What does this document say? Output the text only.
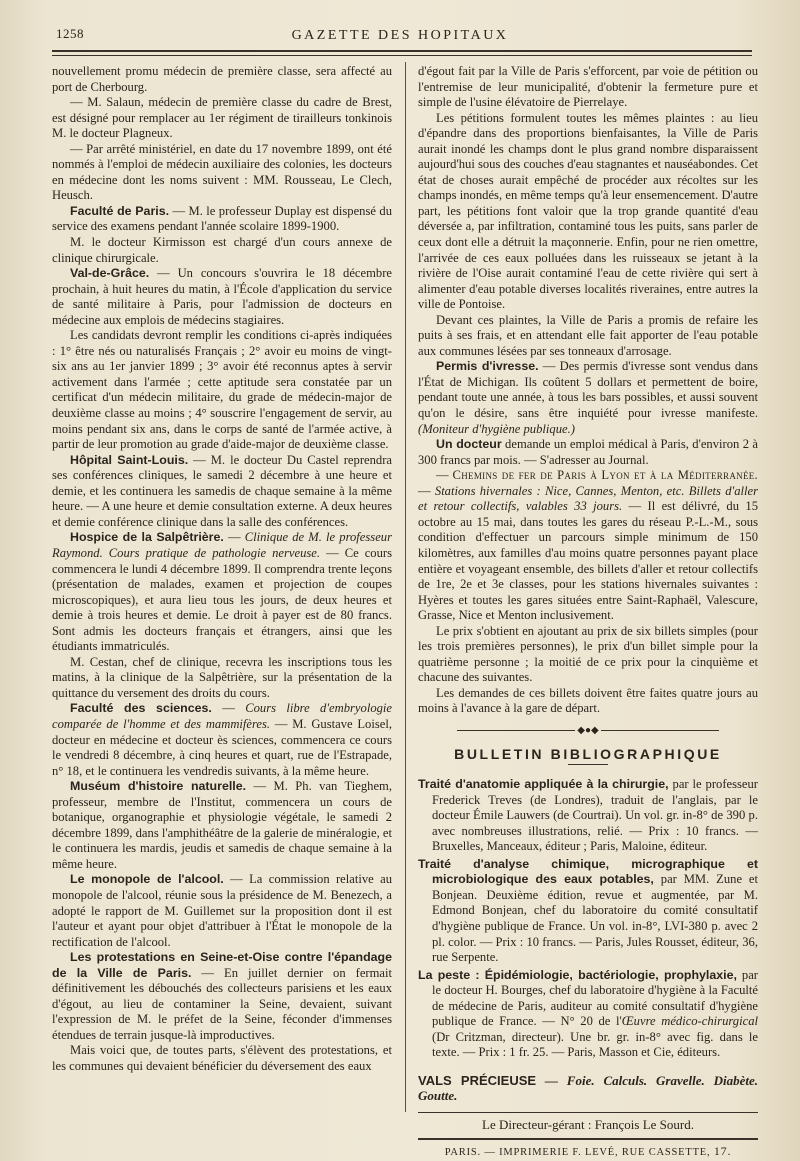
1258	GAZETTE DES HOPITAUX

nouvellement promu médecin de première classe, sera affecté au port de Cherbourg.

— M. Salaun, médecin de première classe du cadre de Brest, est désigné pour remplacer au 1er régiment de tirailleurs tonkinois M. le docteur Plagneux.

— Par arrêté ministériel, en date du 17 novembre 1899, ont été nommés à l'emploi de médecin auxiliaire des colonies, les docteurs en médecine dont les noms suivent : MM. Rousseau, Le Clech, Heusch.

Faculté de Paris. — M. le professeur Duplay est dispensé du service des examens pendant l'année scolaire 1899-1900.

M. le docteur Kirmisson est chargé d'un cours annexe de clinique chirurgicale.

Val-de-Grâce. — Un concours s'ouvrira le 18 décembre prochain, à huit heures du matin, à l'École d'application du service de santé militaire à Paris, pour l'admission de docteurs en médecine aux emplois de médecins stagiaires.

Les candidats devront remplir les conditions ci-après indiquées : 1° être nés ou naturalisés Français ; 2° avoir eu moins de vingt-six ans au 1er janvier 1899 ; 3° avoir été reconnus aptes à servir activement dans l'armée ; cette aptitude sera constatée par un certificat d'un médecin militaire, du grade de médecin-major de deuxième classe au moins ; 4° souscrire l'engagement de servir, au moins pendant six ans, dans le corps de santé de l'armée active, à partir de leur promotion au grade d'aide-major de deuxième classe.

Hôpital Saint-Louis. — M. le docteur Du Castel reprendra ses conférences cliniques, le samedi 2 décembre à une heure et demie, et les continuera les samedis de chaque semaine à la même heure. — A une heure et demie consultation externe. A deux heures et demie conférence clinique dans la salle des conférences.

Hospice de la Salpêtrière. — Clinique de M. le professeur Raymond. Cours pratique de pathologie nerveuse. — Ce cours commencera le lundi 4 décembre 1899. Il comprendra trente leçons (présentation de malades, examen et projection de coupes microscopiques), et aura lieu tous les jours, de deux heures et demie à trois heures et demie. Le droit à payer est de 80 francs. Sont admis les docteurs français et étrangers, ainsi que les étudiants immatriculés.

M. Cestan, chef de clinique, recevra les inscriptions tous les matins, à la clinique de la Salpêtrière, sur la présentation de la quittance du versement des droits du cours.

Faculté des sciences. — Cours libre d'embryologie comparée de l'homme et des mammifères. — M. Gustave Loisel, docteur en médecine et docteur ès sciences, commencera ce cours le vendredi 8 décembre, à cinq heures et quart, rue de l'Estrapade, n° 18, et le continuera les vendredis suivants, à la même heure.

Muséum d'histoire naturelle. — M. Ph. van Tieghem, professeur, membre de l'Institut, commencera un cours de botanique, organographie et physiologie végétale, le samedi 2 décembre 1899, dans l'amphithéâtre de la galerie de minéralogie, et le continuera les mardis, jeudis et samedis de chaque semaine à la même heure.

Le monopole de l'alcool. — La commission relative au monopole de l'alcool, réunie sous la présidence de M. Benezech, a adopté le rapport de M. Guillemet sur la proposition dont il est l'auteur et ayant pour objet d'attribuer à l'État le monopole de la rectification de l'alcool.

Les protestations en Seine-et-Oise contre l'épandage de la Ville de Paris. — En juillet dernier on fermait définitivement les débouchés des collecteurs parisiens et les eaux d'égout, au lieu de contaminer la Seine, devaient, suivant l'expression de M. le préfet de la Seine, féconder d'immenses étendues de terrain jusque-là improductives.

Mais voici que, de toutes parts, s'élèvent des protestations, et les communes qui devaient bénéficier du déversement des eaux

d'égout fait par la Ville de Paris s'efforcent, par voie de pétition ou l'entremise de leur municipalité, d'obtenir la fermeture pure et simple de l'usine élévatoire de Pierrelaye.

Les pétitions formulent toutes les mêmes plaintes : au lieu d'épandre dans des proportions bienfaisantes, la Ville de Paris aurait inondé les champs dont le plus grand nombre disparaissent aujourd'hui sous des couches d'eau stagnantes et nauséabondes. Cet état de choses aurait empêché de procéder aux récoltes sur les champs inondés, en même temps qu'à leur ensemencement. D'autre part, les pétitions font valoir que la trop grande quantité d'eau déversée a, par infiltration, contaminé tous les puits, sans parler de ceux dont elle a détruit la maçonnerie. Enfin, pour ne rien omettre, l'arrivée de ces eaux polluées dans les ruisseaux se jetant à la rivière de l'Oise aurait contaminé l'eau de cette rivière qui sert à alimenter d'eau potable diverses localités riveraines, entre autres la ville de Pontoise.

Devant ces plaintes, la Ville de Paris a promis de refaire les puits à ses frais, et en attendant elle fait apporter de l'eau potable aux communes lésées par ses tonneaux d'arrosage.

Permis d'ivresse. — Des permis d'ivresse sont vendus dans l'État de Michigan. Ils coûtent 5 dollars et permettent de boire, pendant toute une année, à tous les bars possibles, et aussi souvent qu'on le désire, sans être inquiété pour ivresse manifeste. (Moniteur d'hygiène publique.)

Un docteur demande un emploi médical à Paris, d'environ 2 à 300 francs par mois. — S'adresser au Journal.

— Chemins de fer de Paris à Lyon et à la Méditerranée. — Stations hivernales : Nice, Cannes, Menton, etc. Billets d'aller et retour collectifs, valables 33 jours. — Il est délivré, du 15 octobre au 15 mai, dans toutes les gares du réseau P.-L.-M., sous condition d'effectuer un parcours simple minimum de 150 kilomètres, aux familles d'au moins quatre personnes payant place entière et voyageant ensemble, des billets d'aller et retour collectifs de 1re, 2e et 3e classes, pour les stations hivernales suivantes : Hyères et toutes les gares situées entre Saint-Raphaël, Valescure, Grasse, Nice et Menton inclusivement.

Le prix s'obtient en ajoutant au prix de six billets simples (pour les trois premières personnes), le prix d'un billet simple pour la quatrième personne ; la moitié de ce prix pour la cinquième et chacune des suivantes.

Les demandes de ces billets doivent être faites quatre jours au moins à l'avance à la gare de départ.

◆●◆
BULLETIN BIBLIOGRAPHIQUE

Traité d'anatomie appliquée à la chirurgie, par le professeur Frederick Treves (de Londres), traduit de l'anglais, par le docteur Émile Lauwers (de Courtrai). Un vol. gr. in-8° de 390 p. avec nombreuses illustrations, relié. — Prix : 10 francs. — Bruxelles, Manceaux, éditeur ; Paris, Maloine, éditeur.

Traité d'analyse chimique, micrographique et microbiologique des eaux potables, par MM. Zune et Bonjean. Deuxième édition, revue et augmentée, par M. Edmond Bonjean, chef du laboratoire du comité consultatif d'hygiène publique de France. Un vol. in-8°, LVI-380 p. avec 2 pl. color. — Prix : 10 francs. — Paris, Jules Rousset, éditeur, 36, rue Serpente.

La peste : Épidémiologie, bactériologie, prophylaxie, par le docteur H. Bourges, chef du laboratoire d'hygiène à la Faculté de médecine de Paris, auditeur au comité consultatif d'hygiène publique de France. — N° 20 de l'Œuvre médico-chirurgical (Dr Critzman, directeur). Une br. gr. in-8° avec fig. dans le texte. — Prix : 1 fr. 25. — Paris, Masson et Cie, éditeurs.

VALS PRÉCIEUSE — Foie. Calculs. Gravelle. Diabète. Goutte.

Le Directeur-gérant : François Le Sourd.

PARIS. — IMPRIMERIE F. LEVÉ, RUE CASSETTE, 17.
